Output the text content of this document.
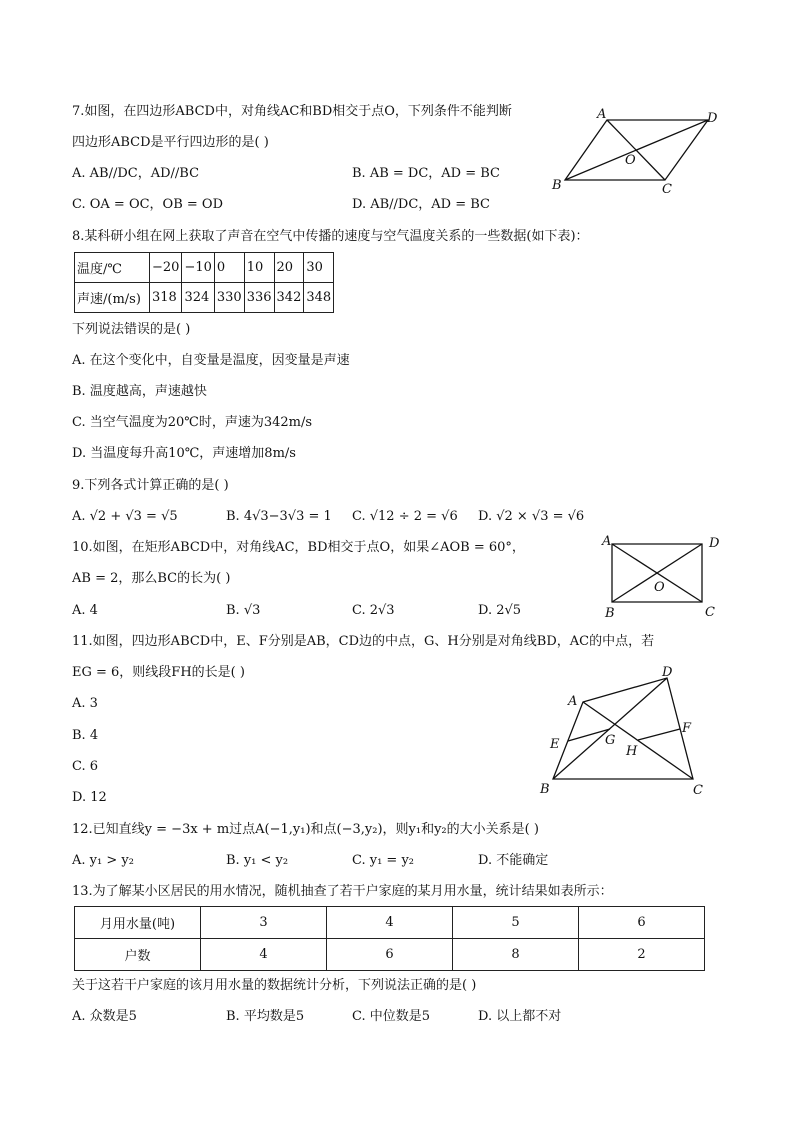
7.如图，在四边形ABCD中，对角线AC和BD相交于点O，下列条件不能判断
四边形ABCD是平行四边形的是( )
A. AB//DC，AD//BC	B. AB = DC，AD = BC
C. OA = OC，OB = OD	D. AB//DC，AD = BC
A	D
B	C
O
8.某科研小组在网上获取了声音在空气中传播的速度与空气温度关系的一些数据(如下表)：
温度/℃	−20	−10	0	10	20	30
声速/(m/s)	318	324	330	336	342	348
下列说法错误的是( )
A. 在这个变化中，自变量是温度，因变量是声速
B. 温度越高，声速越快
C. 当空气温度为20℃时，声速为342m/s
D. 当温度每升高10℃，声速增加8m/s
9.下列各式计算正确的是( )
A. √2 + √3 = √5	B. 4√3−3√3 = 1 C. √12 ÷ 2 = √6 D. √2 × √3 = √6
10.如图，在矩形ABCD中，对角线AC，BD相交于点O，如果∠AOB = 60°，
AB = 2，那么BC的长为( )
A. 4	B. √3	C. 2√3	D. 2√5
A	D
B	C
O
11.如图，四边形ABCD中，E、F分别是AB，CD边的中点，G、H分别是对角线BD，AC的中点，若
EG = 6，则线段FH的长是( )
A. 3
B. 4
C. 6
D. 12
A
D
E
F
G
H
B	C
12.已知直线y = −3x + m过点A(−1,y₁)和点(−3,y₂)，则y₁和y₂的大小关系是( )
A. y₁ > y₂	B. y₁ < y₂	C. y₁ = y₂	D. 不能确定
13.为了解某小区居民的用水情况，随机抽查了若干户家庭的某月用水量，统计结果如表所示：
月用水量(吨)	3	4	5	6
户数	4	6	8	2
关于这若干户家庭的该月用水量的数据统计分析，下列说法正确的是( )
A. 众数是5	B. 平均数是5	C. 中位数是5	D. 以上都不对
